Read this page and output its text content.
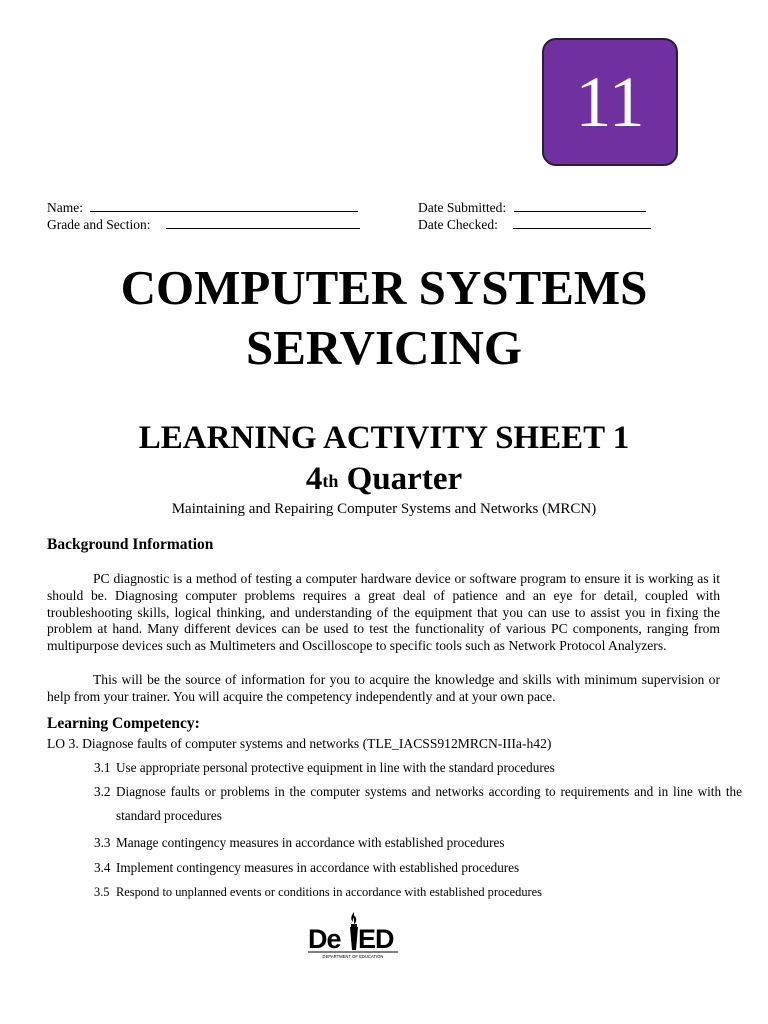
11
Name:
Grade and Section:
Date Submitted:
Date Checked:
COMPUTER SYSTEMS
SERVICING
LEARNING ACTIVITY SHEET 1
4th Quarter
Maintaining and Repairing Computer Systems and Networks (MRCN)
Background Information

PC diagnostic is a method of testing a computer hardware device or software program to ensure it is working as it should be. Diagnosing computer problems requires a great deal of patience and an eye for detail, coupled with troubleshooting skills, logical thinking, and understanding of the equipment that you can use to assist you in fixing the problem at hand. Many different devices can be used to test the functionality of various PC components, ranging from multipurpose devices such as Multimeters and Oscilloscope to specific tools such as Network Protocol Analyzers.

This will be the source of information for you to acquire the knowledge and skills with minimum supervision or help from your trainer. You will acquire the competency independently and at your own pace.

Learning Competency:
LO 3. Diagnose faults of computer systems and networks (TLE_IACSS912MRCN-IIIa-h42)
3.1 Use appropriate personal protective equipment in line with the standard procedures
3.2 Diagnose faults or problems in the computer systems and networks according to requirements and in line with the standard procedures
3.3 Manage contingency measures in accordance with established procedures
3.4 Implement contingency measures in accordance with established procedures
3.5 Respond to unplanned events or conditions in accordance with established procedures
De ED
DEPARTMENT OF EDUCATION
